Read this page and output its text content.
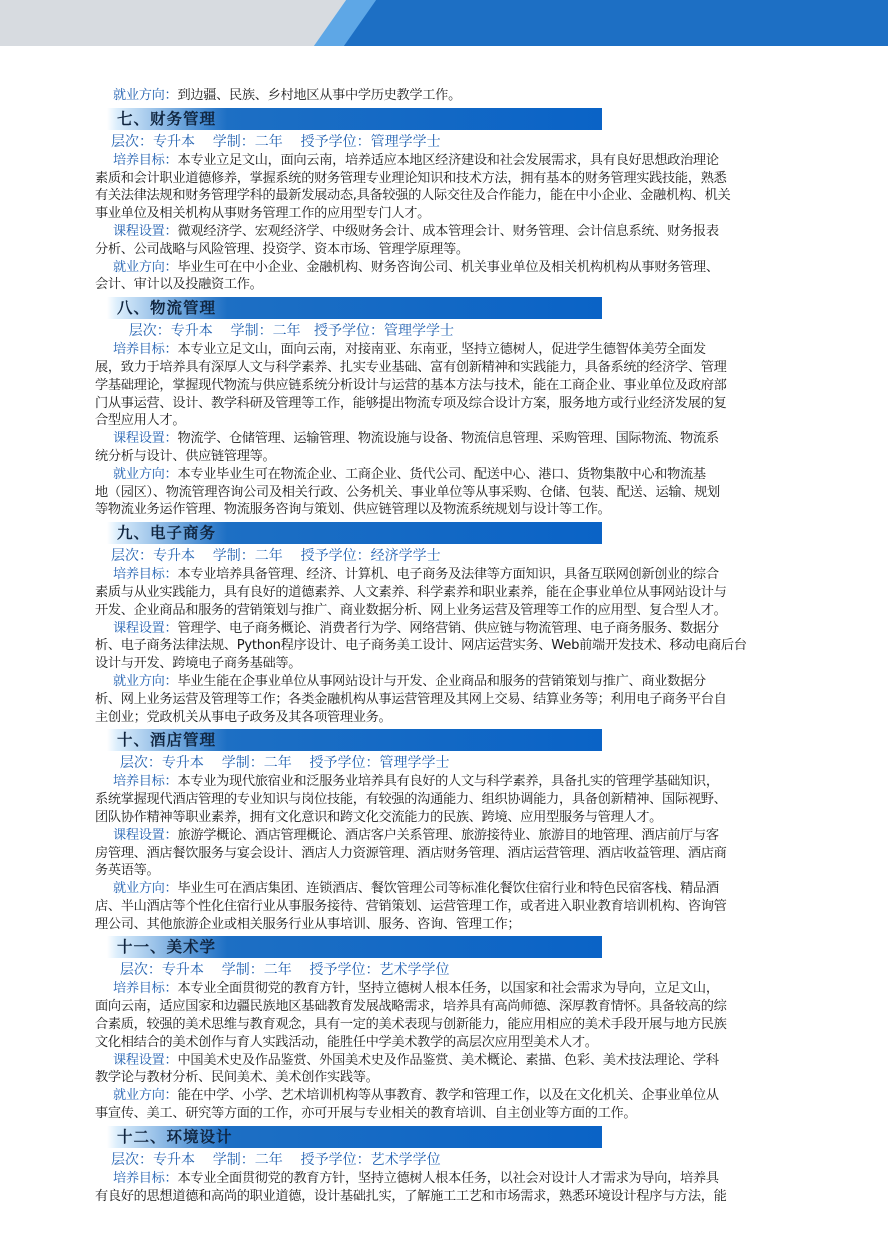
就业方向：到边疆、民族、乡村地区从事中学历史教学工作。
七、财务管理
层次：专升本    学制：二年    授予学位：管理学学士
培养目标：本专业立足文山，面向云南，培养适应本地区经济建设和社会发展需求，具有良好思想政治理论
素质和会计职业道德修养，掌握系统的财务管理专业理论知识和技术方法，拥有基本的财务管理实践技能，熟悉
有关法律法规和财务管理学科的最新发展动态,具备较强的人际交往及合作能力，能在中小企业、金融机构、机关
事业单位及相关机构从事财务管理工作的应用型专门人才。
课程设置：微观经济学、宏观经济学、中级财务会计、成本管理会计、财务管理、会计信息系统、财务报表
分析、公司战略与风险管理、投资学、资本市场、管理学原理等。
就业方向：毕业生可在中小企业、金融机构、财务咨询公司、机关事业单位及相关机构机构从事财务管理、
会计、审计以及投融资工作。
八、物流管理
层次：专升本    学制：二年   授予学位：管理学学士
培养目标：本专业立足文山，面向云南，对接南亚、东南亚，坚持立德树人，促进学生德智体美劳全面发
展，致力于培养具有深厚人文与科学素养、扎实专业基础、富有创新精神和实践能力，具备系统的经济学、管理
学基础理论，掌握现代物流与供应链系统分析设计与运营的基本方法与技术，能在工商企业、事业单位及政府部
门从事运营、设计、教学科研及管理等工作，能够提出物流专项及综合设计方案，服务地方或行业经济发展的复
合型应用人才。
课程设置：物流学、仓储管理、运输管理、物流设施与设备、物流信息管理、采购管理、国际物流、物流系
统分析与设计、供应链管理等。
就业方向：本专业毕业生可在物流企业、工商企业、货代公司、配送中心、港口、货物集散中心和物流基
地（园区）、物流管理咨询公司及相关行政、公务机关、事业单位等从事采购、仓储、包装、配送、运输、规划
等物流业务运作管理、物流服务咨询与策划、供应链管理以及物流系统规划与设计等工作。
九、电子商务
层次：专升本    学制：二年    授予学位：经济学学士
培养目标：本专业培养具备管理、经济、计算机、电子商务及法律等方面知识，具备互联网创新创业的综合
素质与从业实践能力，具有良好的道德素养、人文素养、科学素养和职业素养，能在企事业单位从事网站设计与
开发、企业商品和服务的营销策划与推广、商业数据分析、网上业务运营及管理等工作的应用型、复合型人才。
课程设置：管理学、电子商务概论、消费者行为学、网络营销、供应链与物流管理、电子商务服务、数据分
析、电子商务法律法规、Python程序设计、电子商务美工设计、网店运营实务、Web前端开发技术、移动电商后台
设计与开发、跨境电子商务基础等。
就业方向：毕业生能在企事业单位从事网站设计与开发、企业商品和服务的营销策划与推广、商业数据分
析、网上业务运营及管理等工作；各类金融机构从事运营管理及其网上交易、结算业务等；利用电子商务平台自
主创业；党政机关从事电子政务及其各项管理业务。
十、酒店管理
层次：专升本    学制：二年    授予学位：管理学学士
培养目标：本专业为现代旅宿业和泛服务业培养具有良好的人文与科学素养，具备扎实的管理学基础知识，
系统掌握现代酒店管理的专业知识与岗位技能，有较强的沟通能力、组织协调能力，具备创新精神、国际视野、
团队协作精神等职业素养，拥有文化意识和跨文化交流能力的民族、跨境、应用型服务与管理人才。
课程设置：旅游学概论、酒店管理概论、酒店客户关系管理、旅游接待业、旅游目的地管理、酒店前厅与客
房管理、酒店餐饮服务与宴会设计、酒店人力资源管理、酒店财务管理、酒店运营管理、酒店收益管理、酒店商
务英语等。
就业方向：毕业生可在酒店集团、连锁酒店、餐饮管理公司等标准化餐饮住宿行业和特色民宿客栈、精品酒
店、半山酒店等个性化住宿行业从事服务接待、营销策划、运营管理工作，或者进入职业教育培训机构、咨询管
理公司、其他旅游企业或相关服务行业从事培训、服务、咨询、管理工作；
十一、美术学
层次：专升本    学制：二年    授予学位：艺术学学位
培养目标：本专业全面贯彻党的教育方针，坚持立德树人根本任务，以国家和社会需求为导向，立足文山，
面向云南，适应国家和边疆民族地区基础教育发展战略需求，培养具有高尚师德、深厚教育情怀。具备较高的综
合素质，较强的美术思维与教育观念，具有一定的美术表现与创新能力，能应用相应的美术手段开展与地方民族
文化相结合的美术创作与育人实践活动，能胜任中学美术教学的高层次应用型美术人才。
课程设置：中国美术史及作品鉴赏、外国美术史及作品鉴赏、美术概论、素描、色彩、美术技法理论、学科
教学论与教材分析、民间美术、美术创作实践等。
就业方向：能在中学、小学、艺术培训机构等从事教育、教学和管理工作，以及在文化机关、企事业单位从
事宣传、美工、研究等方面的工作，亦可开展与专业相关的教育培训、自主创业等方面的工作。
十二、环境设计
层次：专升本    学制：二年    授予学位：艺术学学位
培养目标：本专业全面贯彻党的教育方针，坚持立德树人根本任务，以社会对设计人才需求为导向，培养具
有良好的思想道德和高尚的职业道德，设计基础扎实，了解施工工艺和市场需求，熟悉环境设计程序与方法，能
